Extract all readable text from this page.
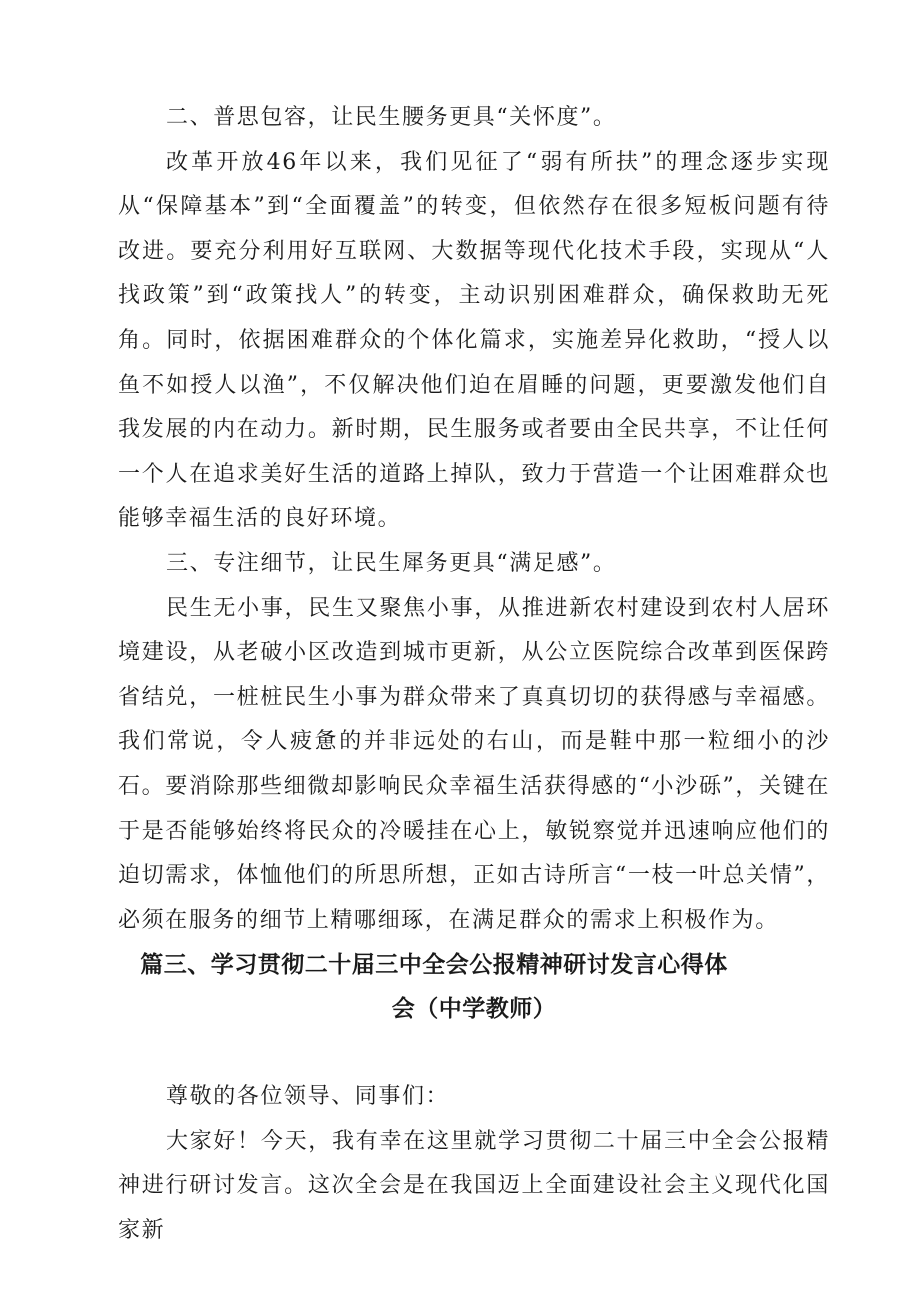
二、普思包容，让民生腰务更具“关怀度”。

改革开放46年以来，我们见征了“弱有所扶”的理念逐步实现从“保障基本”到“全面覆盖”的转变，但依然存在很多短板问题有待改进。要充分利用好互联网、大数据等现代化技术手段，实现从“人找政策”到“政策找人”的转变，主动识别困难群众，确保救助无死角。同时，依据困难群众的个体化篇求，实施差异化救助，“授人以鱼不如授人以渔”，不仅解决他们迫在眉睡的问题，更要激发他们自我发展的内在动力。新时期，民生服务或者要由全民共享，不让任何一个人在追求美好生活的道路上掉队，致力于营造一个让困难群众也能够幸福生活的良好环境。

三、专注细节，让民生犀务更具“满足感”。

民生无小事，民生又聚焦小事，从推进新农村建设到农村人居环境建设，从老破小区改造到城市更新，从公立医院综合改革到医保跨省结兑，一桩桩民生小事为群众带来了真真切切的获得感与幸福感。我们常说，令人疲惫的并非远处的右山，而是鞋中那一粒细小的沙石。要消除那些细微却影响民众幸福生活获得感的“小沙砾”，关键在于是否能够始终将民众的冷暖挂在心上，敏锐察觉并迅速响应他们的迫切需求，体恤他们的所思所想，正如古诗所言“一枝一叶总关情”，必须在服务的细节上精哪细琢，在满足群众的需求上积极作为。

篇三、学习贯彻二十届三中全会公报精神研讨发言心得体
会（中学教师）

尊敬的各位领导、同事们：

大家好！今天，我有幸在这里就学习贯彻二十届三中全会公报精神进行研讨发言。这次全会是在我国迈上全面建设社会主义现代化国家新
